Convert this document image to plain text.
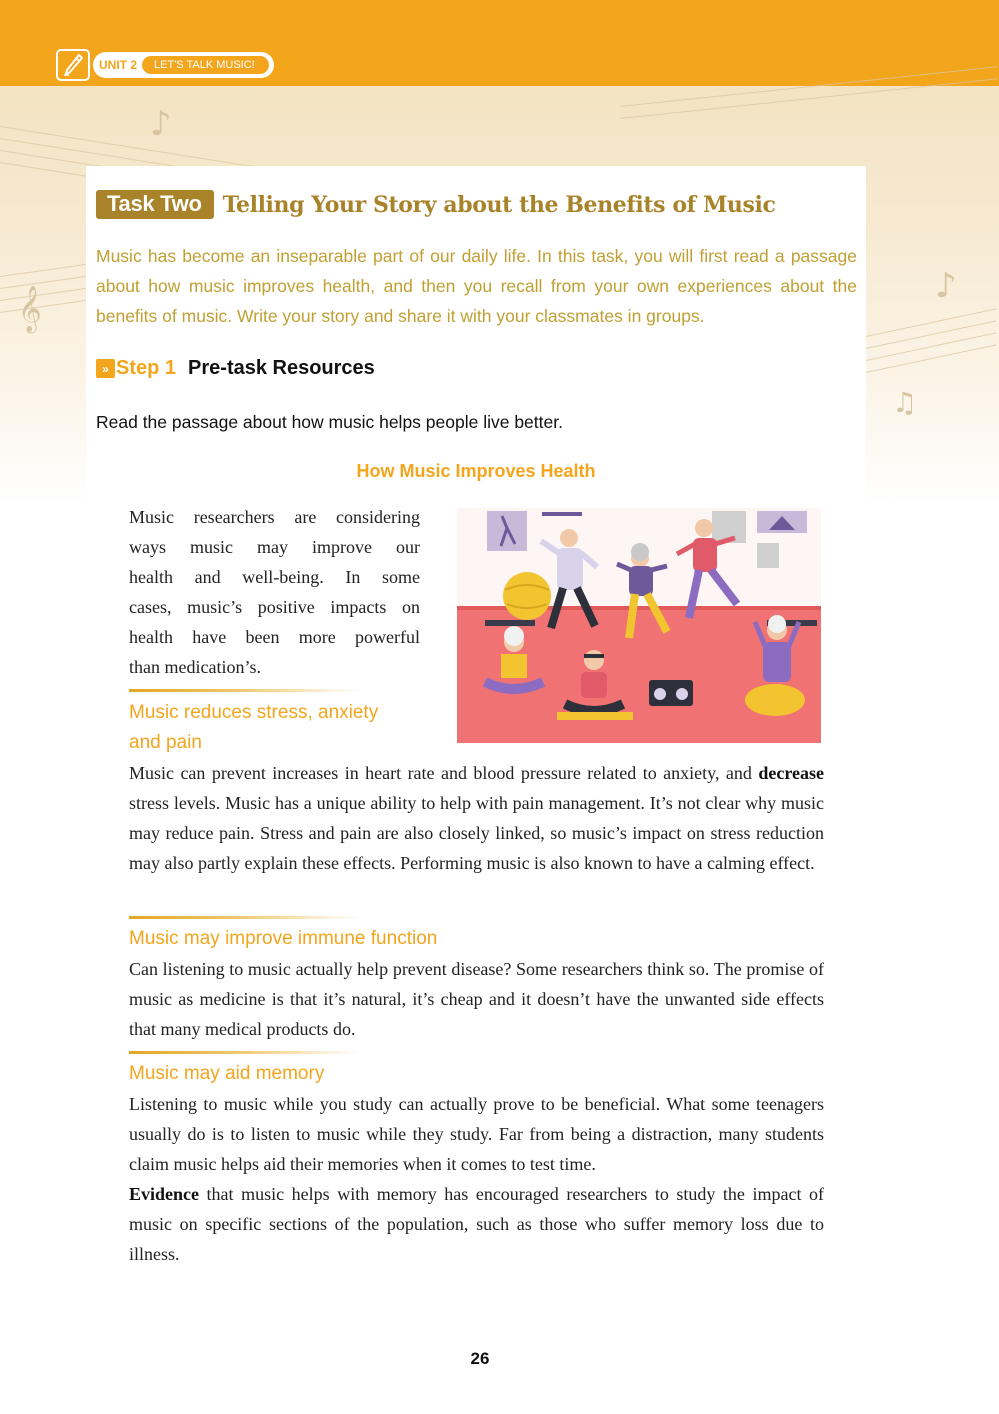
UNIT 2	LET'S TALK MUSIC!
♪
𝄞	♪
♫
Task Two Telling Your Story about the Benefits of Music
Music has become an inseparable part of our daily life. In this task, you will first read a passage about how music improves health, and then you recall from your own experiences about the benefits of music. Write your story and share it with your classmates in groups.
» Step 1 Pre-task Resources
Read the passage about how music helps people live better.
How Music Improves Health
Music researchers are considering
ways music may improve our
health and well-being. In some
cases, music’s positive impacts on
health have been more powerful
than medication’s.
Music reduces stress, anxiety
and pain
Music can prevent increases in heart rate and blood pressure related to anxiety, and decrease stress levels. Music has a unique ability to help with pain management. It’s not clear why music may reduce pain. Stress and pain are also closely linked, so music’s impact on stress reduction may also partly explain these effects. Performing music is also known to have a calming effect.
Music may improve immune function
Can listening to music actually help prevent disease? Some researchers think so. The promise of music as medicine is that it’s natural, it’s cheap and it doesn’t have the unwanted side effects that many medical products do.
Music may aid memory
Listening to music while you study can actually prove to be beneficial. What some teenagers usually do is to listen to music while they study. Far from being a distraction, many students claim music helps aid their memories when it comes to test time.
Evidence that music helps with memory has encouraged researchers to study the impact of music on specific sections of the population, such as those who suffer memory loss due to illness.
26
